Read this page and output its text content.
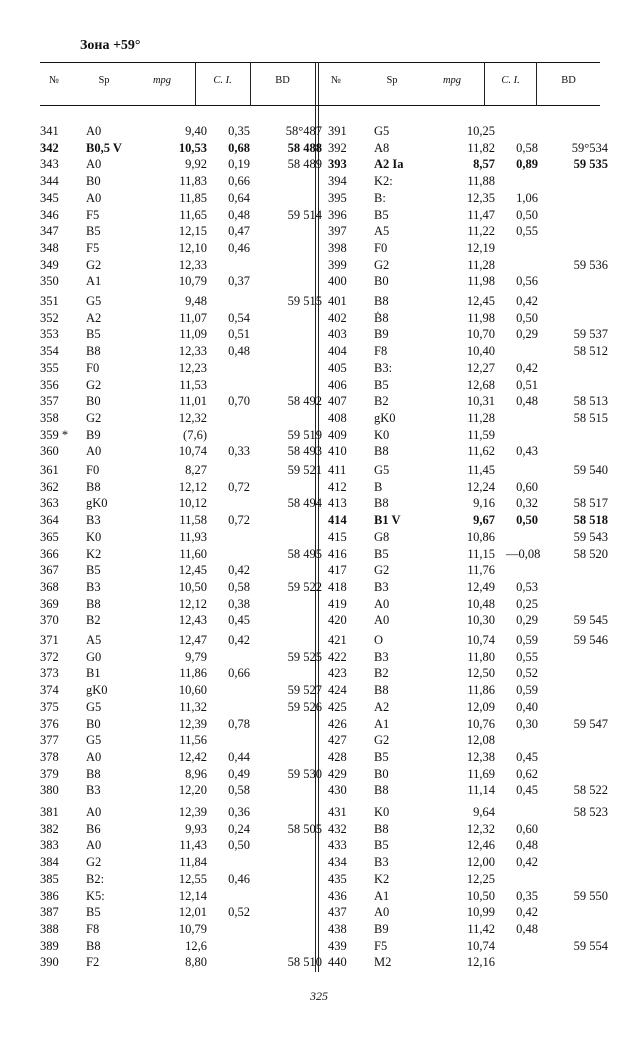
Зона +59°
№	Sp	mpg	C. I.	BD	№	Sp	mpg	C. I.	BD
341	A0	9,40	0,35	58°487
342	B0,5 V	10,53	0,68	58 488
343	A0	9,92	0,19	58 489
344	B0	11,83	0,66
345	A0	11,85	0,64
346	F5	11,65	0,48	59 514
347	B5	12,15	0,47
348	F5	12,10	0,46
349	G2	12,33
350	A1	10,79	0,37
351	G5	9,48	59 515
352	A2	11,07	0,54
353	B5	11,09	0,51
354	B8	12,33	0,48
355	F0	12,23
356	G2	11,53
357	B0	11,01	0,70	58 492
358	G2	12,32
359 * B9	(7,6)	59 519
360	A0	10,74	0,33	58 493
361	F0	8,27	59 521
362	B8	12,12	0,72
363	gK0	10,12	58 494
364	B3	11,58	0,72
365	K0	11,93
366	K2	11,60	58 495
367	B5	12,45	0,42
368	B3	10,50	0,58	59 522
369	B8	12,12	0,38
370	B2	12,43	0,45
371	A5	12,47	0,42
372	G0	9,79	59 525
373	B1	11,86	0,66
374	gK0	10,60	59 527
375	G5	11,32	59 526
376	B0	12,39	0,78
377	G5	11,56
378	A0	12,42	0,44
379	B8	8,96	0,49	59 530
380	B3	12,20	0,58
381	A0	12,39	0,36
382	B6	9,93	0,24	58 505
383	A0	11,43	0,50
384	G2	11,84
385	B2:	12,55	0,46
386	K5:	12,14
387	B5	12,01	0,52
388	F8	10,79
389	B8	12,6
390	F2	8,80	58 510
391	G5	10,25
392	A8	11,82	0,58	59°534
393	A2 Ia	8,57	0,89	59 535
394	K2:	11,88
395	B:	12,35	1,06
396	B5	11,47	0,50
397	A5	11,22	0,55
398	F0	12,19
399	G2	11,28	59 536
400	B0	11,98	0,56
401	B8	12,45	0,42
402	Ḃ8	11,98	0,50
403	B9	10,70	0,29	59 537
404	F8	10,40	58 512
405	B3:	12,27	0,42
406	B5	12,68	0,51
407	B2	10,31	0,48	58 513
408	gK0	11,28	58 515
409	K0	11,59
410	B8	11,62	0,43
411	G5	11,45	59 540
412	B	12,24	0,60
413	B8	9,16	0,32	58 517
414	B1 V	9,67	0,50	58 518
415	G8	10,86	59 543
416	B5	11,15 —0,08	58 520
417	G2	11,76
418	B3	12,49	0,53
419	A0	10,48	0,25
420	A0	10,30	0,29	59 545
421	O	10,74	0,59	59 546
422	B3	11,80	0,55
423	B2	12,50	0,52
424	B8	11,86	0,59
425	A2	12,09	0,40
426	A1	10,76	0,30	59 547
427	G2	12,08
428	B5	12,38	0,45
429	B0	11,69	0,62
430	B8	11,14	0,45	58 522
431	K0	9,64	58 523
432	B8	12,32	0,60
433	B5	12,46	0,48
434	B3	12,00	0,42
435	K2	12,25
436	A1	10,50	0,35	59 550
437	A0	10,99	0,42
438	B9	11,42	0,48
439	F5	10,74	59 554
440	M2	12,16
325
